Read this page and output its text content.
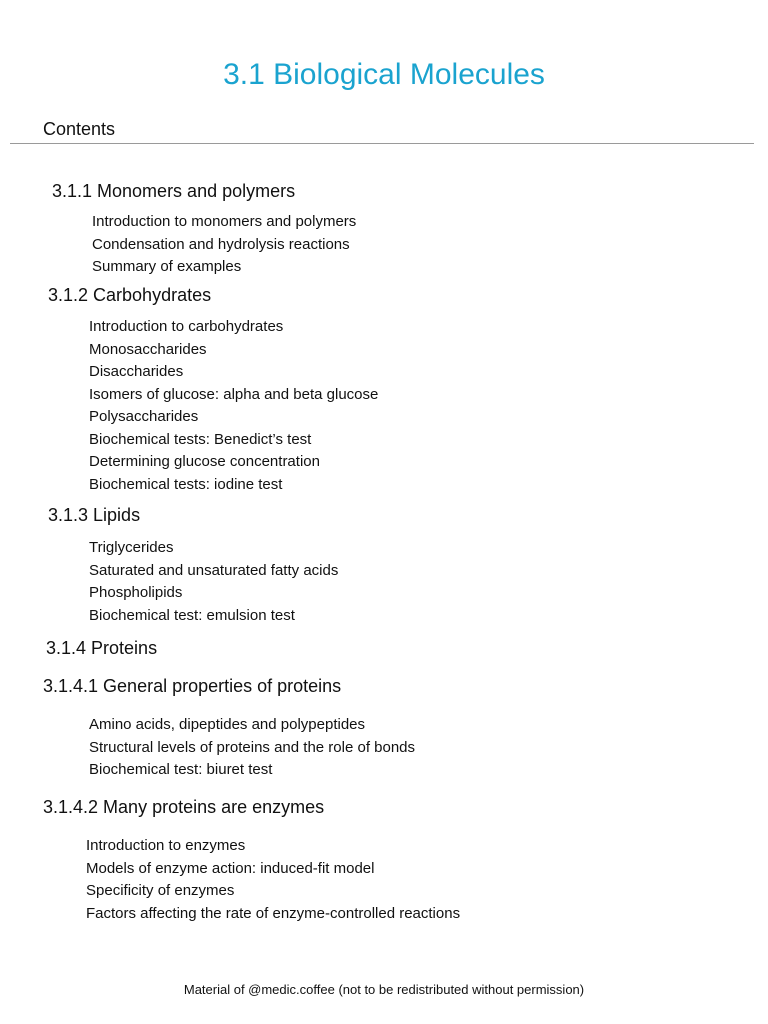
3.1 Biological Molecules
Contents
3.1.1 Monomers and polymers
Introduction to monomers and polymers
Condensation and hydrolysis reactions
Summary of examples
3.1.2 Carbohydrates
Introduction to carbohydrates
Monosaccharides
Disaccharides
Isomers of glucose: alpha and beta glucose
Polysaccharides
Biochemical tests: Benedict’s test
Determining glucose concentration
Biochemical tests: iodine test
3.1.3 Lipids
Triglycerides
Saturated and unsaturated fatty acids
Phospholipids
Biochemical test: emulsion test
3.1.4 Proteins
3.1.4.1 General properties of proteins
Amino acids, dipeptides and polypeptides
Structural levels of proteins and the role of bonds
Biochemical test: biuret test
3.1.4.2 Many proteins are enzymes
Introduction to enzymes
Models of enzyme action: induced-fit model
Specificity of enzymes
Factors affecting the rate of enzyme-controlled reactions
Material of @medic.coffee (not to be redistributed without permission)
